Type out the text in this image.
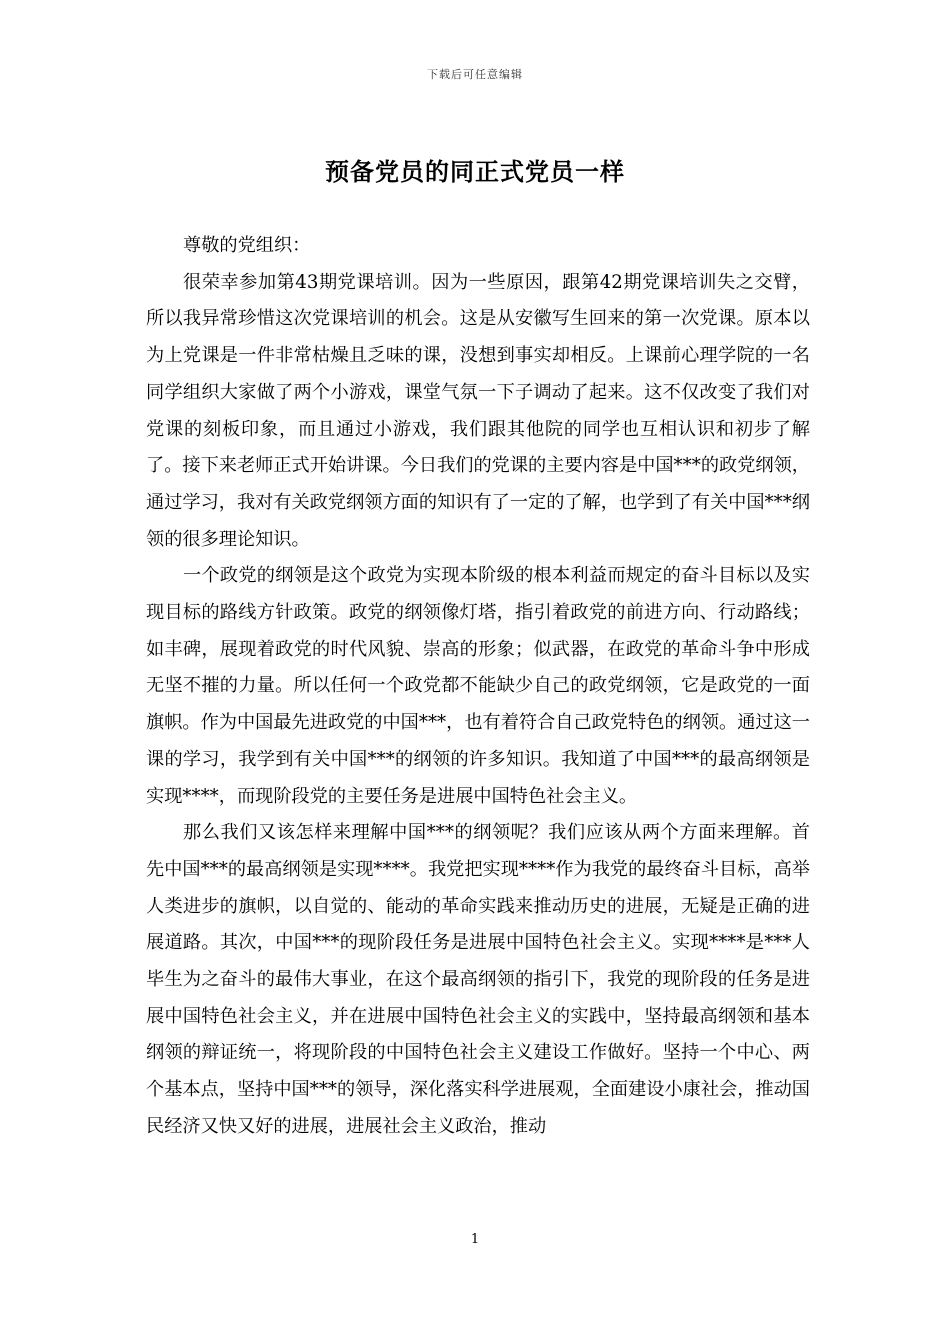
下载后可任意编辑
预备党员的同正式党员一样

尊敬的党组织：

很荣幸参加第43期党课培训。因为一些原因，跟第42期党课培训失之交臂，所以我异常珍惜这次党课培训的机会。这是从安徽写生回来的第一次党课。原本以为上党课是一件非常枯燥且乏味的课，没想到事实却相反。上课前心理学院的一名同学组织大家做了两个小游戏，课堂气氛一下子调动了起来。这不仅改变了我们对党课的刻板印象，而且通过小游戏，我们跟其他院的同学也互相认识和初步了解了。接下来老师正式开始讲课。今日我们的党课的主要内容是中国***的政党纲领，通过学习，我对有关政党纲领方面的知识有了一定的了解，也学到了有关中国***纲领的很多理论知识。

一个政党的纲领是这个政党为实现本阶级的根本利益而规定的奋斗目标以及实现目标的路线方针政策。政党的纲领像灯塔，指引着政党的前进方向、行动路线；如丰碑，展现着政党的时代风貌、崇高的形象；似武器，在政党的革命斗争中形成无坚不摧的力量。所以任何一个政党都不能缺少自己的政党纲领，它是政党的一面旗帜。作为中国最先进政党的中国***，也有着符合自己政党特色的纲领。通过这一课的学习，我学到有关中国***的纲领的许多知识。我知道了中国***的最高纲领是实现****，而现阶段党的主要任务是进展中国特色社会主义。

那么我们又该怎样来理解中国***的纲领呢？我们应该从两个方面来理解。首先中国***的最高纲领是实现****。我党把实现****作为我党的最终奋斗目标，高举人类进步的旗帜，以自觉的、能动的革命实践来推动历史的进展，无疑是正确的进展道路。其次，中国***的现阶段任务是进展中国特色社会主义。实现****是***人毕生为之奋斗的最伟大事业，在这个最高纲领的指引下，我党的现阶段的任务是进展中国特色社会主义，并在进展中国特色社会主义的实践中，坚持最高纲领和基本纲领的辩证统一，将现阶段的中国特色社会主义建设工作做好。坚持一个中心、两个基本点，坚持中国***的领导，深化落实科学进展观，全面建设小康社会，推动国民经济又快又好的进展，进展社会主义政治，推动

1
